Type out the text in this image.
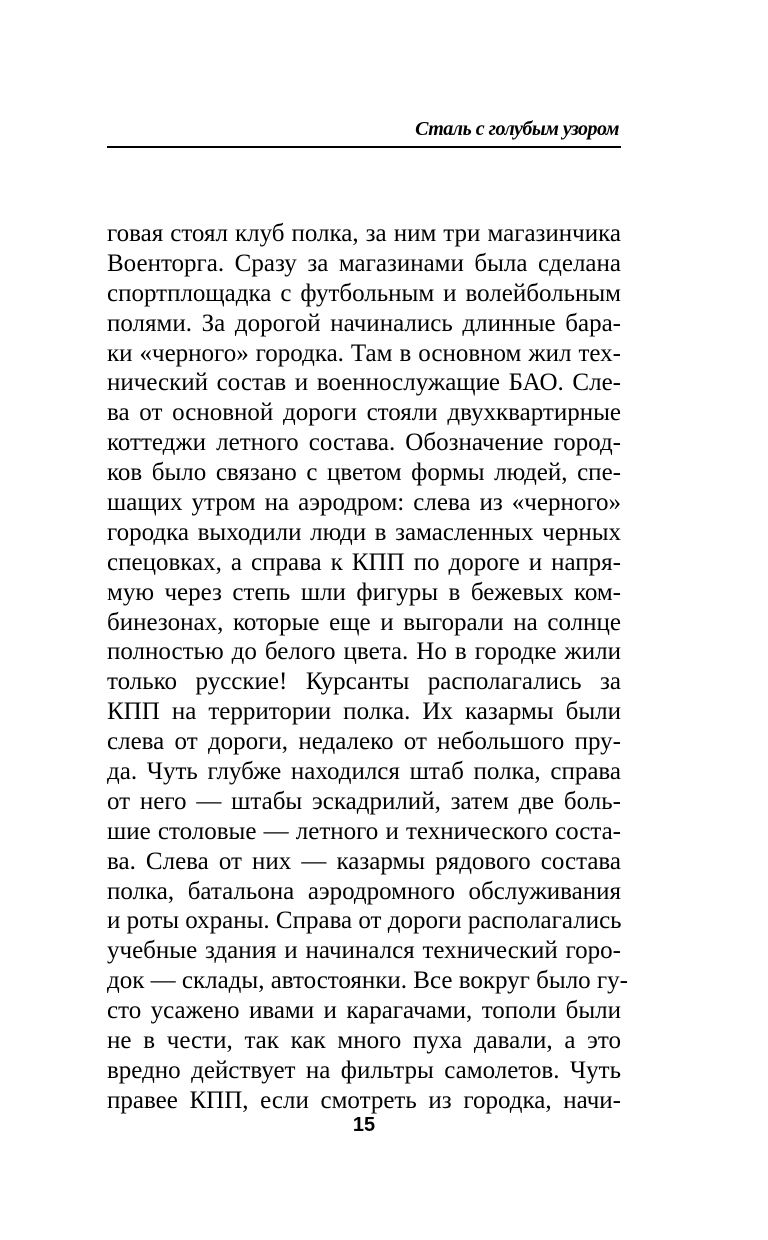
Сталь с голубым узором
говая стоял клуб полка, за ним три магазинчика
Военторга. Сразу за магазинами была сделана
спортплощадка с футбольным и волейбольным
полями. За дорогой начинались длинные бара-
ки «черного» городка. Там в основном жил тех-
нический состав и военнослужащие БАО. Сле-
ва от основной дороги стояли двухквартирные
коттеджи летного состава. Обозначение город-
ков было связано с цветом формы людей, спе-
шащих утром на аэродром: слева из «черного»
городка выходили люди в замасленных черных
спецовках, а справа к КПП по дороге и напря-
мую через степь шли фигуры в бежевых ком-
бинезонах, которые еще и выгорали на солнце
полностью до белого цвета. Но в городке жили
только русские! Курсанты располагались за
КПП на территории полка. Их казармы были
слева от дороги, недалеко от небольшого пру-
да. Чуть глубже находился штаб полка, справа
от него — штабы эскадрилий, затем две боль-
шие столовые — летного и технического соста-
ва. Слева от них — казармы рядового состава
полка, батальона аэродромного обслуживания
и роты охраны. Справа от дороги располагались
учебные здания и начинался технический горо-
док — склады, автостоянки. Все вокруг было гу-
сто усажено ивами и карагачами, тополи были
не в чести, так как много пуха давали, а это
вредно действует на фильтры самолетов. Чуть
правее КПП, если смотреть из городка, начи-
15
